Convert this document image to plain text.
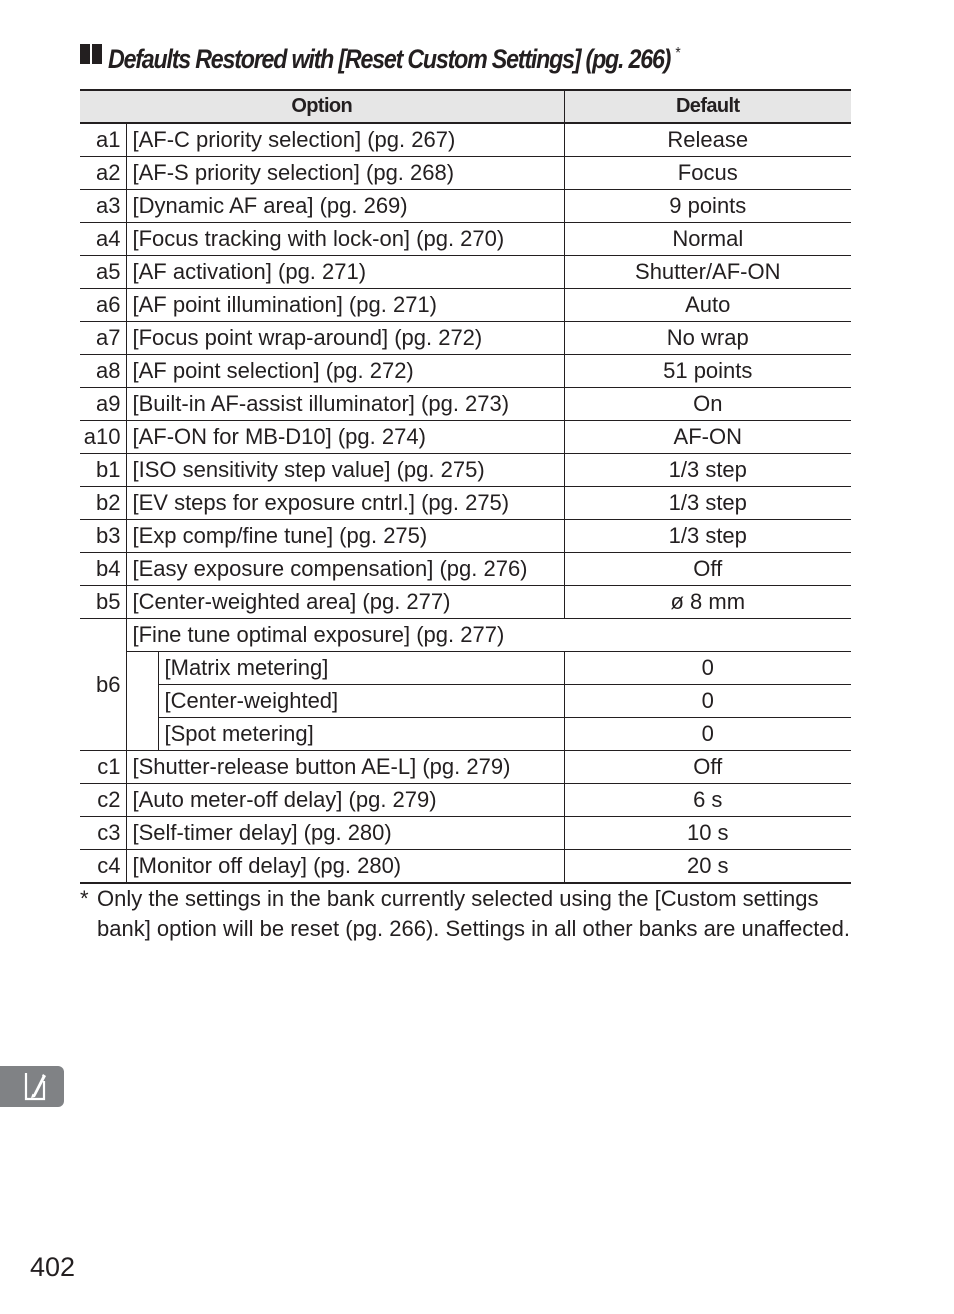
Defaults Restored with [Reset Custom Settings] (pg. 266) *
Option			Default
a1	[AF-C priority selection] (pg. 267)		Release
a2	[AF-S priority selection] (pg. 268)		Focus
a3	[Dynamic AF area] (pg. 269)		9 points
a4	[Focus tracking with lock-on] (pg. 270)		Normal
a5	[AF activation] (pg. 271)		Shutter/AF-ON
a6	[AF point illumination] (pg. 271)		Auto
a7	[Focus point wrap-around] (pg. 272)		No wrap
a8	[AF point selection] (pg. 272)		51 points
a9	[Built-in AF-assist illuminator] (pg. 273)		On
a10	[AF-ON for MB-D10] (pg. 274)		AF-ON
b1	[ISO sensitivity step value] (pg. 275)		1/3 step
b2	[EV steps for exposure cntrl.] (pg. 275)		1/3 step
b3	[Exp comp/fine tune] (pg. 275)		1/3 step
b4	[Easy exposure compensation] (pg. 276)		Off
b5	[Center-weighted area] (pg. 277)		ø 8 mm
b6	[Fine tune optimal exposure] (pg. 277)		
		[Matrix metering]	0
		[Center-weighted]	0
		[Spot metering]	0
c1	[Shutter-release button AE-L] (pg. 279)		Off
c2	[Auto meter-off delay] (pg. 279)		6 s
c3	[Self-timer delay] (pg. 280)		10 s
c4	[Monitor off delay] (pg. 280)		20 s
* Only the settings in the bank currently selected using the [Custom settings bank] option will be reset (pg. 266). Settings in all other banks are unaffected.
402
